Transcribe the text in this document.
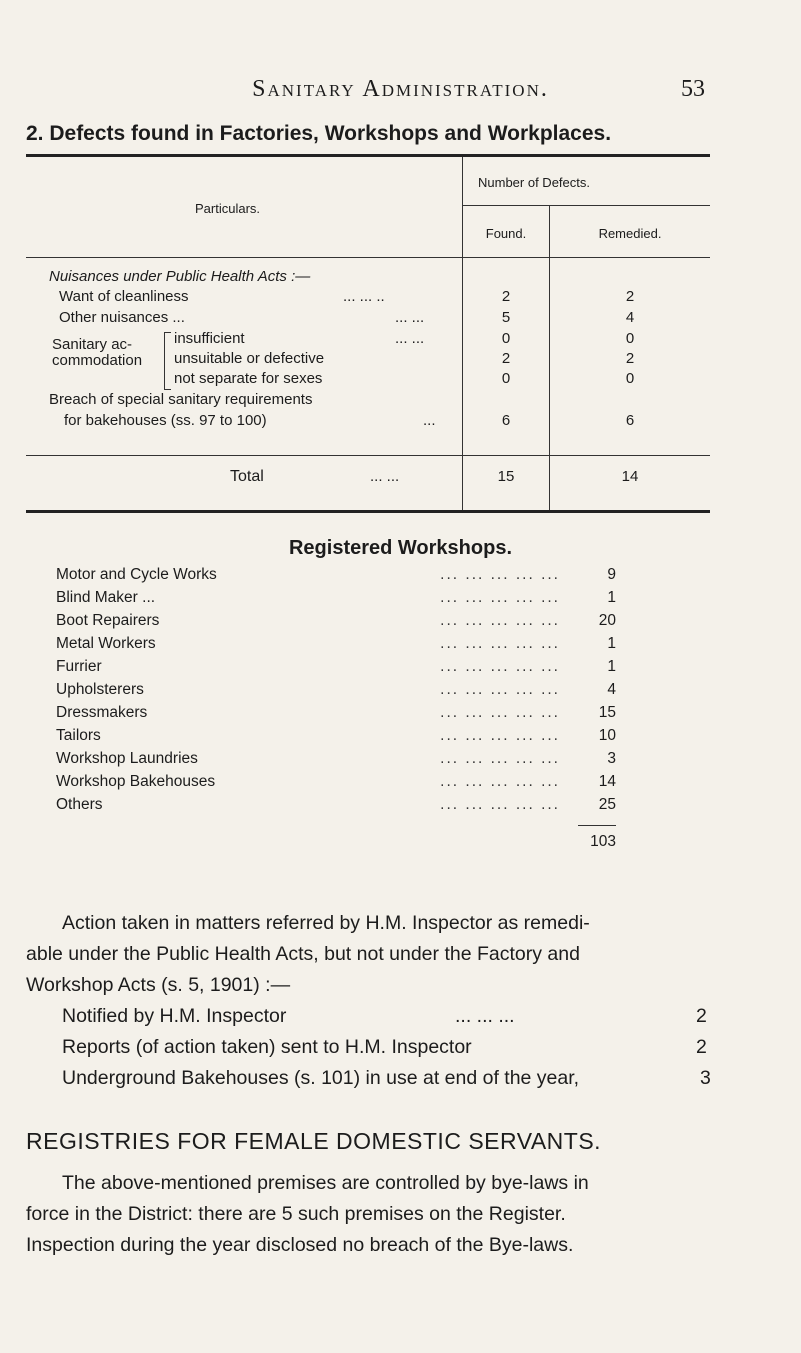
Sanitary Administration.	53
2. Defects found in Factories, Workshops and Workplaces.
Particulars.
Number of Defects.
Found.	Remedied.
Nuisances under Public Health Acts :—
Want of cleanliness	... ... ..	2	2
Other nuisances ...	... ...	5	4
Sanitary ac-
commodation
insufficient	... ...	0	0
unsuitable or defective	2	2
not separate for sexes	0	0
Breach of special sanitary requirements
for bakehouses (ss. 97 to 100)	...	6	6
Total	... ...	15	14
Registered Workshops.
Motor and Cycle Works	... ... ... ... ...	9
Blind Maker ...	... ... ... ... ...	1
Boot Repairers	... ... ... ... ...	20
Metal Workers	... ... ... ... ...	1
Furrier	... ... ... ... ...	1
Upholsterers	... ... ... ... ...	4
Dressmakers	... ... ... ... ...	15
Tailors	... ... ... ... ...	10
Workshop Laundries	... ... ... ... ...	3
Workshop Bakehouses	... ... ... ... ...	14
Others	... ... ... ... ...	25
103
Action taken in matters referred by H.M. Inspector as remedi-
able under the Public Health Acts, but not under the Factory and
Workshop Acts (s. 5, 1901) :—
Notified by H.M. Inspector	... ... ...	2
Reports (of action taken) sent to H.M. Inspector	2
Underground Bakehouses (s. 101) in use at end of the year,	3
REGISTRIES FOR FEMALE DOMESTIC SERVANTS.
The above-mentioned premises are controlled by bye-laws in
force in the District: there are 5 such premises on the Register.
Inspection during the year disclosed no breach of the Bye-laws.
